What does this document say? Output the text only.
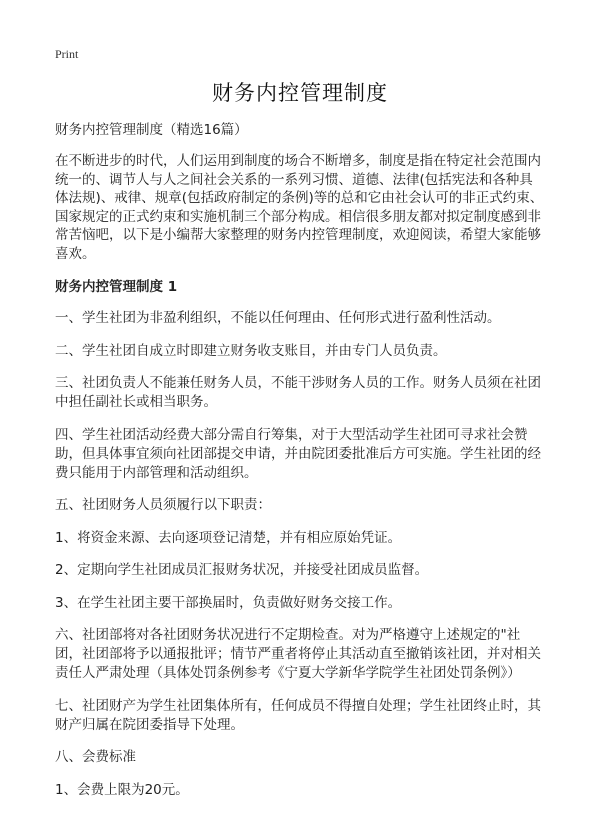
Print
财务内控管理制度

财务内控管理制度（精选16篇）

在不断进步的时代，人们运用到制度的场合不断增多，制度是指在特定社会范围内统一的、调节人与人之间社会关系的一系列习惯、道德、法律(包括宪法和各种具体法规)、戒律、规章(包括政府制定的条例)等的总和它由社会认可的非正式约束、国家规定的正式约束和实施机制三个部分构成。相信很多朋友都对拟定制度感到非常苦恼吧，以下是小编帮大家整理的财务内控管理制度，欢迎阅读，希望大家能够喜欢。

财务内控管理制度 1

一、学生社团为非盈利组织，不能以任何理由、任何形式进行盈利性活动。

二、学生社团自成立时即建立财务收支账目，并由专门人员负责。

三、社团负责人不能兼任财务人员，不能干涉财务人员的工作。财务人员须在社团中担任副社长或相当职务。

四、学生社团活动经费大部分需自行筹集，对于大型活动学生社团可寻求社会赞助，但具体事宜须向社团部提交申请，并由院团委批准后方可实施。学生社团的经费只能用于内部管理和活动组织。

五、社团财务人员须履行以下职责：

1、将资金来源、去向逐项登记清楚，并有相应原始凭证。

2、定期向学生社团成员汇报财务状况，并接受社团成员监督。

3、在学生社团主要干部换届时，负责做好财务交接工作。

六、社团部将对各社团财务状况进行不定期检查。对为严格遵守上述规定的"社团，社团部将予以通报批评；情节严重者将停止其活动直至撤销该社团，并对相关责任人严肃处理（具体处罚条例参考《宁夏大学新华学院学生社团处罚条例》）

七、社团财产为学生社团集体所有，任何成员不得擅自处理；学生社团终止时，其财产归属在院团委指导下处理。

八、会费标准

1、会费上限为20元。
